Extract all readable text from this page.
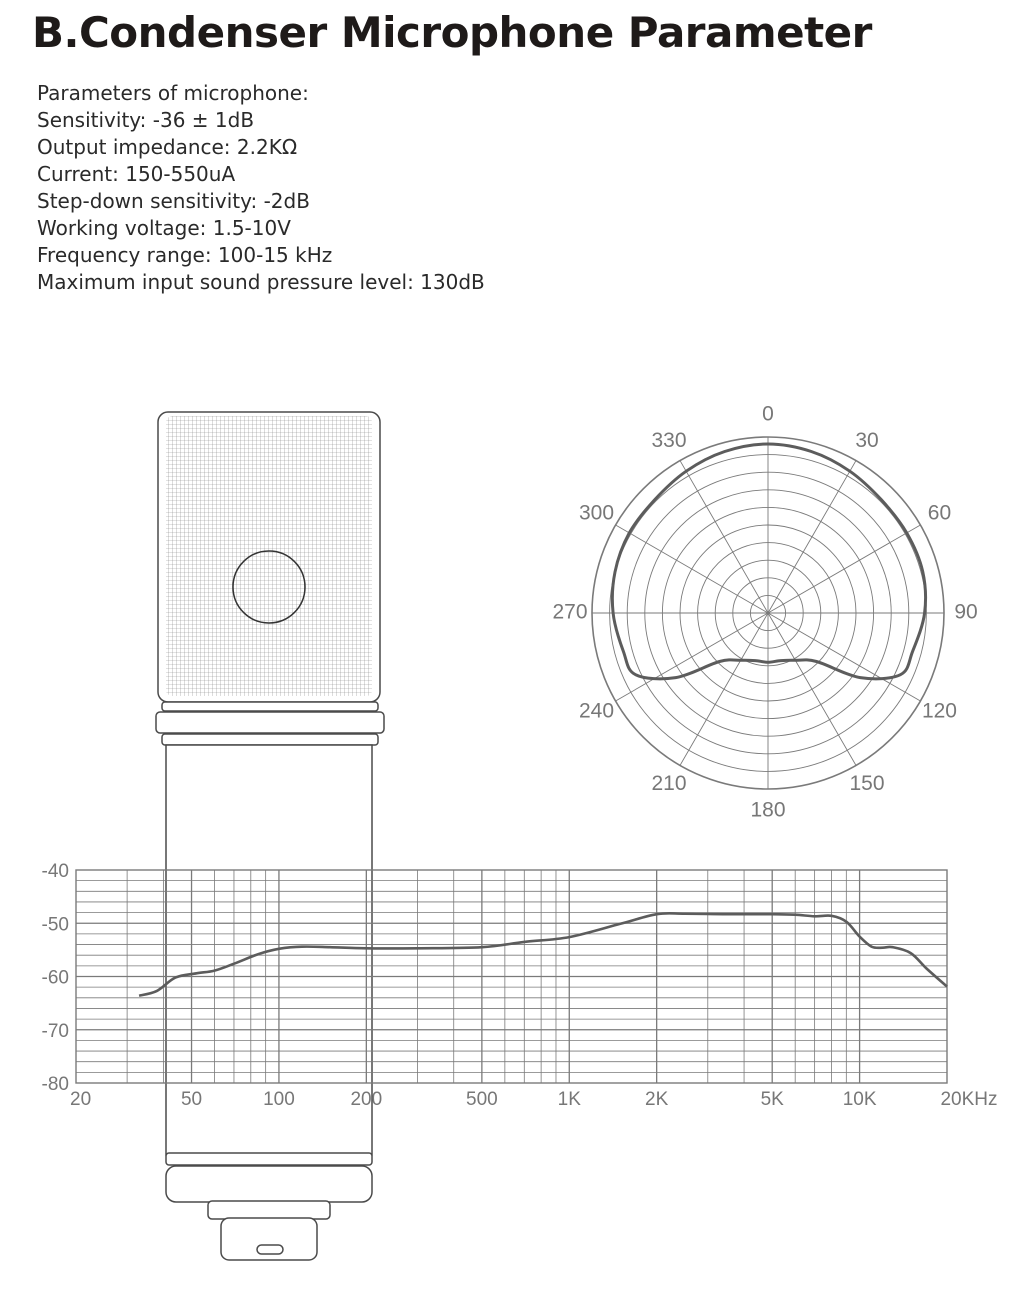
B.Condenser Microphone Parameter
Parameters of microphone:
Sensitivity: -36 ± 1dB
Output impedance: 2.2KΩ
Current: 150-550uA
Step-down sensitivity: -2dB
Working voltage: 1.5-10V
Frequency range: 100-15 kHz
Maximum input sound pressure level: 130dB
0
30
60
90
120
150
180
210
240
270
300
330
-40
-50
-60
-70
-80
20	50	100	200	500	1K	2K	5K	10K	20KHz
